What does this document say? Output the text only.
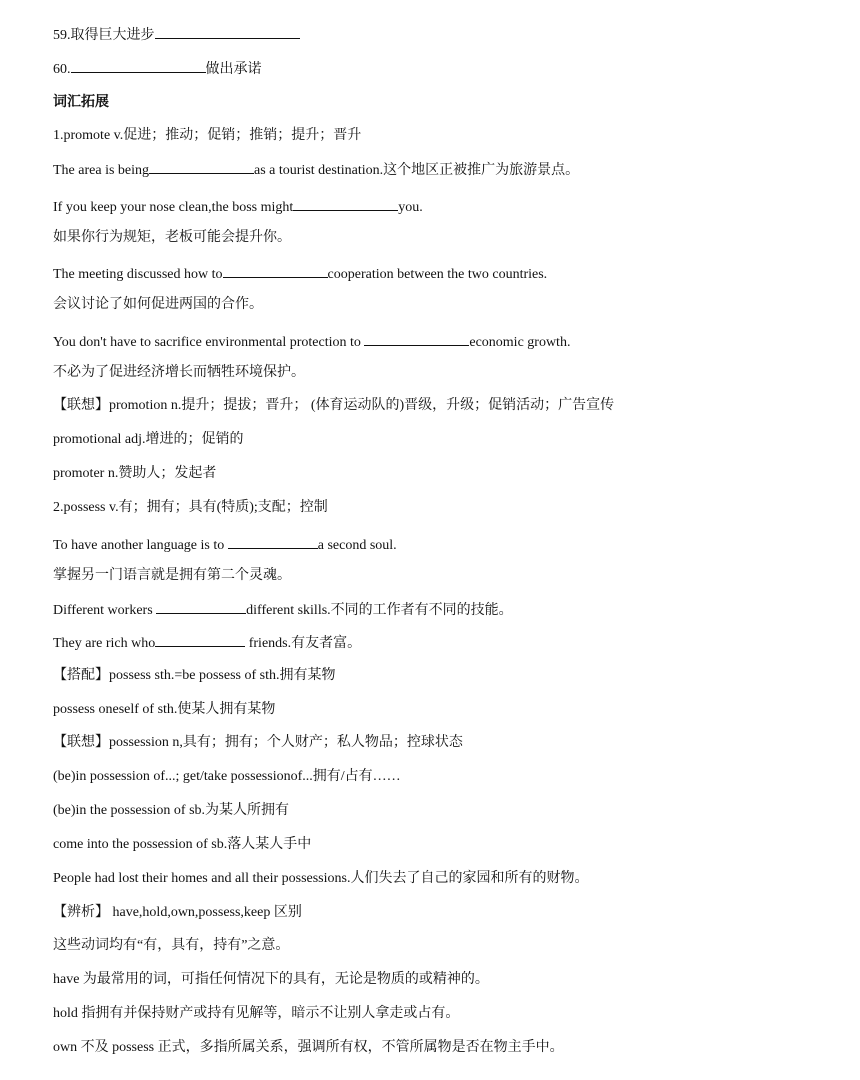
59.取得巨大进步
60.	做出承诺
词汇拓展
1.promote v.促进；推动；促销；推销；提升；晋升
The area is being	as a tourist destination.这个地区正被推广为旅游景点。
If you keep your nose clean,the boss might	you.
如果你行为规矩，老板可能会提升你。
The meeting discussed how to	cooperation between the two countries.
会议讨论了如何促进两国的合作。
You don't have to sacrifice environmental protection to	economic growth.
不必为了促进经济增长而牺牲环境保护。
【联想】promotion n.提升；提拔；晋升； (体育运动队的)晋级，升级；促销活动；广告宣传
promotional adj.增进的；促销的
promoter n.赞助人；发起者
2.possess v.有；拥有；具有(特质);支配；控制
To have another language is to	a second soul.
掌握另一门语言就是拥有第二个灵魂。
Different workers	different skills.不同的工作者有不同的技能。
They are rich who	friends.有友者富。
【搭配】possess sth.=be possess of sth.拥有某物
possess oneself of sth.使某人拥有某物
【联想】possession n,具有；拥有；个人财产；私人物品；控球状态
(be)in possession of...; get/take possessionof...拥有/占有……
(be)in the possession of sb.为某人所拥有
come into the possession of sb.落人某人手中
People had lost their homes and all their possessions.人们失去了自己的家园和所有的财物。
【辨析】 have,hold,own,possess,keep 区别
这些动词均有“有，具有，持有”之意。
have 为最常用的词，可指任何情况下的具有，无论是物质的或精神的。
hold 指拥有并保持财产或持有见解等，暗示不让别人拿走或占有。
own 不及 possess 正式，多指所属关系，强调所有权，不管所属物是否在物主手中。
